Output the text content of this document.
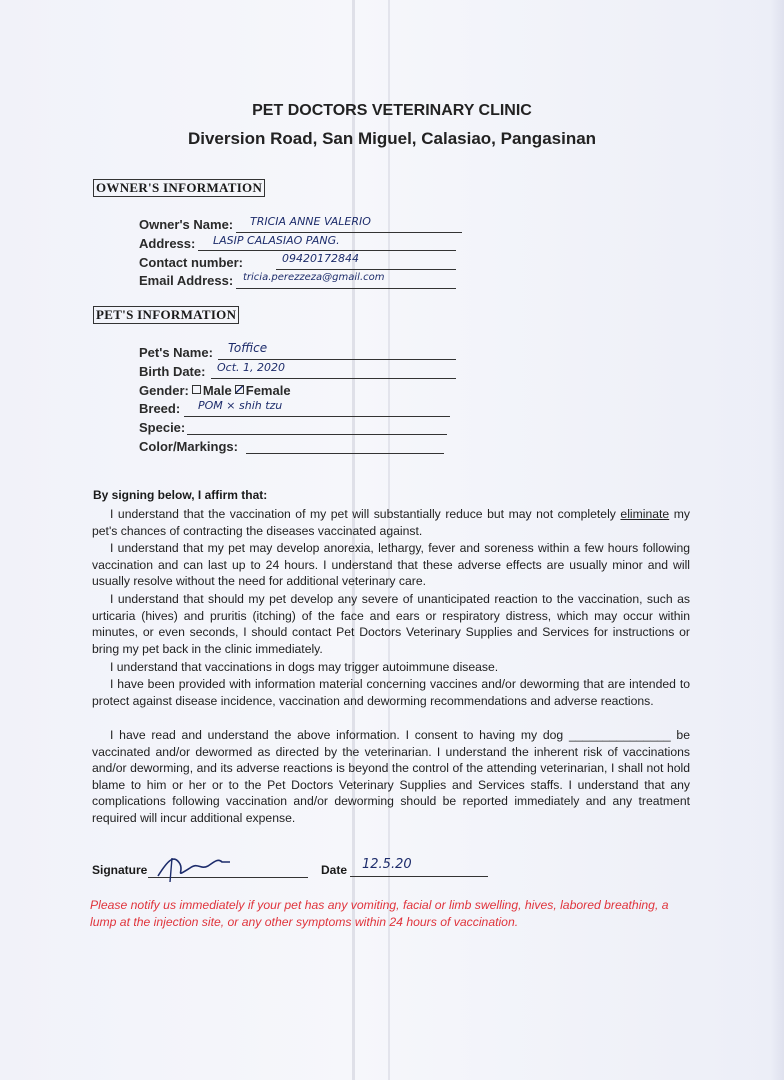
PET DOCTORS VETERINARY CLINIC
Diversion Road, San Miguel, Calasiao, Pangasinan
OWNER'S INFORMATION
Owner's Name: TRICIA ANNE VALERIO
Address: LASIP CALASIAO PANG.
Contact number:	09420172844
Email Address: tricia.perezzeza@gmail.com
PET'S INFORMATION
Pet's Name: Toffice
Birth Date: Oct. 1, 2020
Gender: Male Female
Breed: POM × shih tzu
Specie:
Color/Markings:
By signing below, I affirm that:
I understand that the vaccination of my pet will substantially reduce but may not completely eliminate my pet's chances of contracting the diseases vaccinated against.
I understand that my pet may develop anorexia, lethargy, fever and soreness within a few hours following vaccination and can last up to 24 hours. I understand that these adverse effects are usually minor and will usually resolve without the need for additional veterinary care.
I understand that should my pet develop any severe of unanticipated reaction to the vaccination, such as urticaria (hives) and pruritis (itching) of the face and ears or respiratory distress, which may occur within minutes, or even seconds, I should contact Pet Doctors Veterinary Supplies and Services for instructions or bring my pet back in the clinic immediately.
I understand that vaccinations in dogs may trigger autoimmune disease.
I have been provided with information material concerning vaccines and/or deworming that are intended to protect against disease incidence, vaccination and deworming recommendations and adverse reactions.
I have read and understand the above information. I consent to having my dog _______________ be vaccinated and/or dewormed as directed by the veterinarian. I understand the inherent risk of vaccinations and/or deworming, and its adverse reactions is beyond the control of the attending veterinarian, I shall not hold blame to him or her or to the Pet Doctors Veterinary Supplies and Services staffs. I understand that any complications following vaccination and/or deworming should be reported immediately and any treatment required will incur additional expense.
Signature	Date 12.5.20
Please notify us immediately if your pet has any vomiting, facial or limb swelling, hives, labored breathing, a lump at the injection site, or any other symptoms within 24 hours of vaccination.
